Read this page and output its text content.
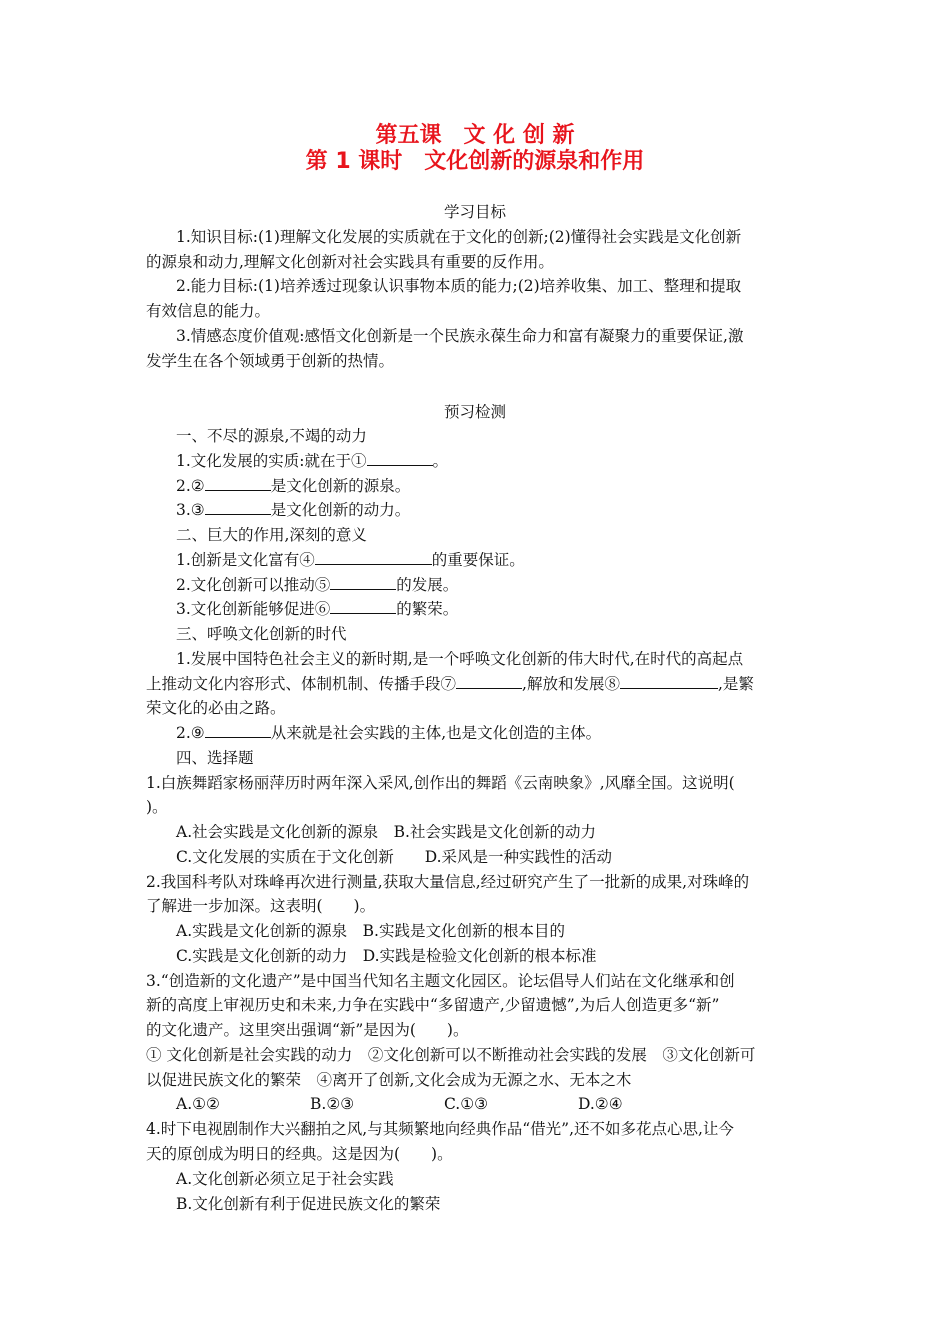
第五课　文 化 创 新
第 1 课时　文化创新的源泉和作用
学习目标
1.知识目标:(1)理解文化发展的实质就在于文化的创新;(2)懂得社会实践是文化创新
的源泉和动力,理解文化创新对社会实践具有重要的反作用。
2.能力目标:(1)培养透过现象认识事物本质的能力;(2)培养收集、加工、整理和提取
有效信息的能力。
3.情感态度价值观:感悟文化创新是一个民族永葆生命力和富有凝聚力的重要保证,激
发学生在各个领域勇于创新的热情。
预习检测
一、不尽的源泉,不竭的动力
1.文化发展的实质:就在于①	。
2.②	是文化创新的源泉。
3.③	是文化创新的动力。
二、巨大的作用,深刻的意义
1.创新是文化富有④	的重要保证。
2.文化创新可以推动⑤	的发展。
3.文化创新能够促进⑥	的繁荣。
三、呼唤文化创新的时代
1.发展中国特色社会主义的新时期,是一个呼唤文化创新的伟大时代,在时代的高起点
上推动文化内容形式、体制机制、传播手段⑦	,解放和发展⑧	,是繁
荣文化的必由之路。
2.⑨	从来就是社会实践的主体,也是文化创造的主体。
四、选择题
1.白族舞蹈家杨丽萍历时两年深入采风,创作出的舞蹈《云南映象》,风靡全国。这说明(
)。
A.社会实践是文化创新的源泉　B.社会实践是文化创新的动力
C.文化发展的实质在于文化创新　　D.采风是一种实践性的活动
2.我国科考队对珠峰再次进行测量,获取大量信息,经过研究产生了一批新的成果,对珠峰的
了解进一步加深。这表明(　　)。
A.实践是文化创新的源泉　B.实践是文化创新的根本目的
C.实践是文化创新的动力　D.实践是检验文化创新的根本标准
3.“创造新的文化遗产”是中国当代知名主题文化园区。论坛倡导人们站在文化继承和创
新的高度上审视历史和未来,力争在实践中“多留遗产,少留遗憾”,为后人创造更多“新”
的文化遗产。这里突出强调“新”是因为(　　)。
① 文化创新是社会实践的动力　②文化创新可以不断推动社会实践的发展　③文化创新可
以促进民族文化的繁荣　④离开了创新,文化会成为无源之水、无本之木
A.①②	B.②③	C.①③	D.②④
4.时下电视剧制作大兴翻拍之风,与其频繁地向经典作品“借光”,还不如多花点心思,让今
天的原创成为明日的经典。这是因为(　　)。
A.文化创新必须立足于社会实践
B.文化创新有利于促进民族文化的繁荣
